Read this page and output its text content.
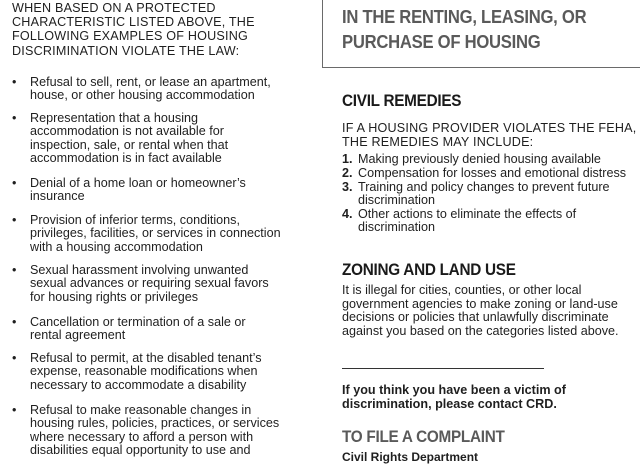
WHEN BASED ON A PROTECTED
CHARACTERISTIC LISTED ABOVE, THE
FOLLOWING EXAMPLES OF HOUSING
DISCRIMINATION VIOLATE THE LAW:
•	Refusal to sell, rent, or lease an apartment,
house, or other housing accommodation
•	Representation that a housing
accommodation is not available for
inspection, sale, or rental when that
accommodation is in fact available
•	Denial of a home loan or homeowner’s
insurance
•	Provision of inferior terms, conditions,
privileges, facilities, or services in connection
with a housing accommodation
•	Sexual harassment involving unwanted
sexual advances or requiring sexual favors
for housing rights or privileges
•	Cancellation or termination of a sale or
rental agreement
•	Refusal to permit, at the disabled tenant’s
expense, reasonable modifications when
necessary to accommodate a disability
•	Refusal to make reasonable changes in
housing rules, policies, practices, or services
where necessary to afford a person with
disabilities equal opportunity to use and
IN THE RENTING, LEASING, OR
PURCHASE OF HOUSING
CIVIL REMEDIES
IF A HOUSING PROVIDER VIOLATES THE FEHA,
THE REMEDIES MAY INCLUDE:
1. Making previously denied housing available
2. Compensation for losses and emotional distress
3. Training and policy changes to prevent future
discrimination
4. Other actions to eliminate the effects of
discrimination
ZONING AND LAND USE
It is illegal for cities, counties, or other local
government agencies to make zoning or land-use
decisions or policies that unlawfully discriminate
against you based on the categories listed above.
If you think you have been a victim of
discrimination, please contact CRD.
TO FILE A COMPLAINT
Civil Rights Department
